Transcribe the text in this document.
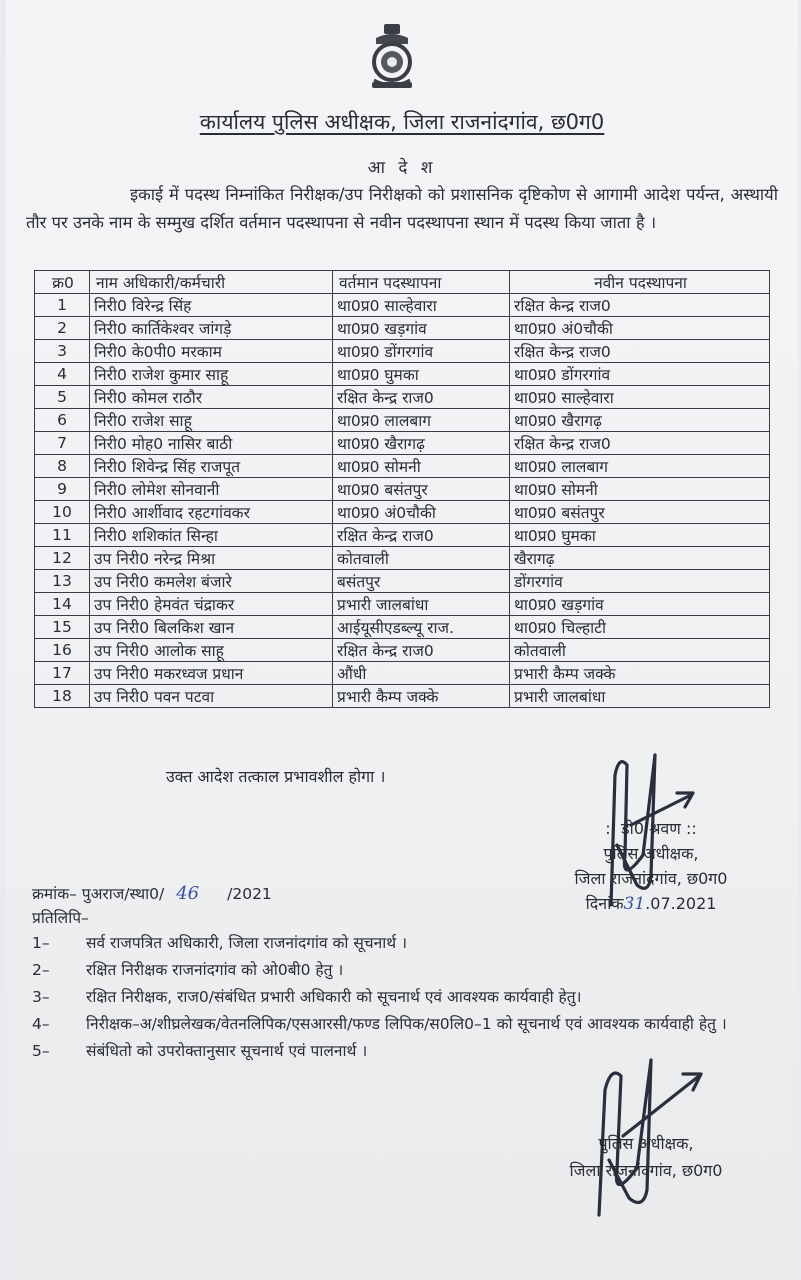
कार्यालय पुलिस अधीक्षक, जिला राजनांदगांव, छ0ग0
आ दे श
इकाई में पदस्थ निम्नांकित निरीक्षक/उप निरीक्षको को प्रशासनिक दृष्टिकोण से आगामी आदेश पर्यन्त, अस्थायी तौर पर उनके नाम के सम्मुख दर्शित वर्तमान पदस्थापना से नवीन पदस्थापना स्थान में पदस्थ किया जाता है ।
क्र0	नाम अधिकारी/कर्मचारी	वर्तमान पदस्थापना	नवीन पदस्थापना
1	निरी0 विरेन्द्र सिंह	था0प्र0 साल्हेवारा	रक्षित केन्द्र राज0
2	निरी0 कार्तिकेश्वर जांगड़े	था0प्र0 खड़गांव	था0प्र0 अं0चौकी
3	निरी0 के0पी0 मरकाम	था0प्र0 डोंगरगांव	रक्षित केन्द्र राज0
4	निरी0 राजेश कुमार साहू	था0प्र0 घुमका	था0प्र0 डोंगरगांव
5	निरी0 कोमल राठौर	रक्षित केन्द्र राज0	था0प्र0 साल्हेवारा
6	निरी0 राजेश साहू	था0प्र0 लालबाग	था0प्र0 खैरागढ़
7	निरी0 मोह0 नासिर बाठी	था0प्र0 खैरागढ़	रक्षित केन्द्र राज0
8	निरी0 शिवेन्द्र सिंह राजपूत	था0प्र0 सोमनी	था0प्र0 लालबाग
9	निरी0 लोमेश सोनवानी	था0प्र0 बसंतपुर	था0प्र0 सोमनी
10	निरी0 आर्शीवाद रहटगांवकर	था0प्र0 अं0चौकी	था0प्र0 बसंतपुर
11	निरी0 शशिकांत सिन्हा	रक्षित केन्द्र राज0	था0प्र0 घुमका
12	उप निरी0 नरेन्द्र मिश्रा	कोतवाली	खैरागढ़
13	उप निरी0 कमलेश बंजारे	बसंतपुर	डोंगरगांव
14	उप निरी0 हेमवंत चंद्राकर	प्रभारी जालबांधा	था0प्र0 खड़गांव
15	उप निरी0 बिलकिश खान	आईयूसीएडब्ल्यू राज.	था0प्र0 चिल्हाटी
16	उप निरी0 आलोक साहू	रक्षित केन्द्र राज0	कोतवाली
17	उप निरी0 मकरध्वज प्रधान	औंधी	प्रभारी कैम्प जक्के
18	उप निरी0 पवन पटवा	प्रभारी कैम्प जक्के	प्रभारी जालबांधा
उक्त आदेश तत्काल प्रभावशील होगा ।
:: डी0 श्रवण ::
पुलिस अधीक्षक,
जिला राजनांदगांव, छ0ग0
दिनांक31.07.2021
क्रमांक– पुअराज/स्था0/ 46 /2021
प्रतिलिपि–
1–	सर्व राजपत्रित अधिकारी, जिला राजनांदगांव को सूचनार्थ ।
2–	रक्षित निरीक्षक राजनांदगांव को ओ0बी0 हेतु ।
3–	रक्षित निरीक्षक, राज0/संबंधित प्रभारी अधिकारी को सूचनार्थ एवं आवश्यक कार्यवाही हेतु।
4–	निरीक्षक–अ/शीघ्रलेखक/वेतनलिपिक/एसआरसी/फण्ड लिपिक/स0लि0–1 को सूचनार्थ एवं आवश्यक कार्यवाही हेतु ।
5–	संबंधितो को उपरोक्तानुसार सूचनार्थ एवं पालनार्थ ।
पुलिस अधीक्षक,
जिला राजनांदगांव, छ0ग0
